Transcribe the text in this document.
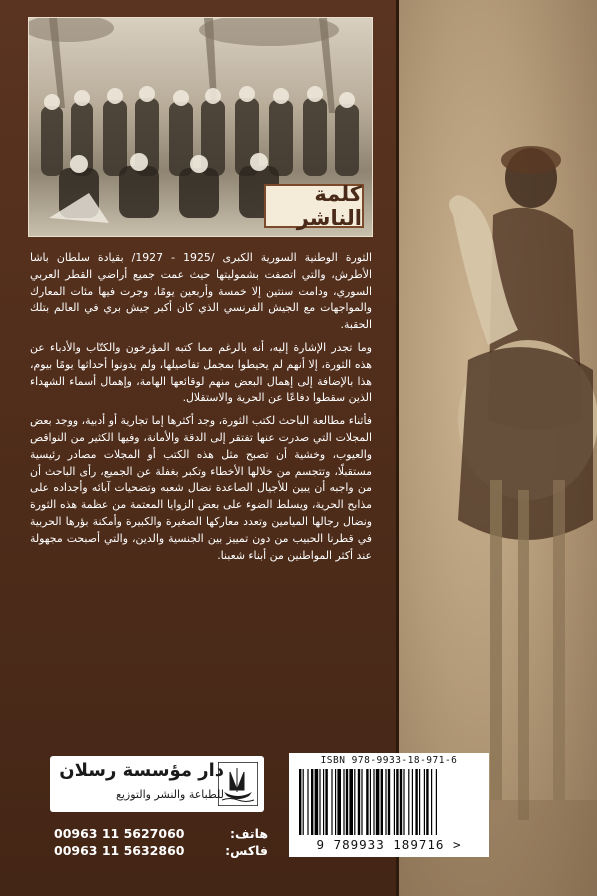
كلمة الناشر

الثورة الوطنية السورية الكبرى /1925 - 1927/ بقيادة سلطان باشا الأطرش، والتي اتصفت بشموليتها حيث عمت جميع أراضي القطر العربي السوري، ودامت سنتين إلا خمسة وأربعين يومًا، وجرت فيها مئات المعارك والمواجهات مع الجيش الفرنسي الذي كان أكبر جيش بري في العالم بتلك الحقبة.

وما تجدر الإشارة إليه، أنه بالرغم مما كتبه المؤرخون والكتّاب والأدباء عن هذه الثورة، إلا أنهم لم يحيطوا بمجمل تفاصيلها، ولم يدونوا أحداثها يومًا بيوم، هذا بالإضافة إلى إهمال البعض منهم لوقائعها الهامة، وإهمال أسماء الشهداء الذين سقطوا دفاعًا عن الحرية والاستقلال.

فأثناء مطالعة الباحث لكتب الثورة، وجد أكثرها إما تجارية أو أدبية، ووجد بعض المجلات التي صدرت عنها تفتقر إلى الدقة والأمانة، وفيها الكثير من النواقص والعيوب، وخشية أن تصبح مثل هذه الكتب أو المجلات مصادر رئيسية مستقبلًا، وتتجسم من خلالها الأخطاء وتكبر بغفلة عن الجميع، رأى الباحث أن من واجبه أن يبين للأجيال الصاعدة نضال شعبه وتضحيات آبائه وأجداده على مذابح الحرية، ويسلط الضوء على بعض الزوايا المعتمة من عظمة هذه الثورة ونضال رجالها الميامين وتعدد معاركها الصغيرة والكبيرة وأمكنة بؤرها الحربية في قطرنا الحبيب من دون تمييز بين الجنسية والدين، والتي أصبحت مجهولة عند أكثر المواطنين من أبناء شعبنا.

دار مؤسسة رسلان
للطباعة والنشر والتوزيع
00963 11 5627060	هاتف:
00963 11 5632860	فاكس:
ISBN 978-9933-18-971-6
9 789933 189716 >
